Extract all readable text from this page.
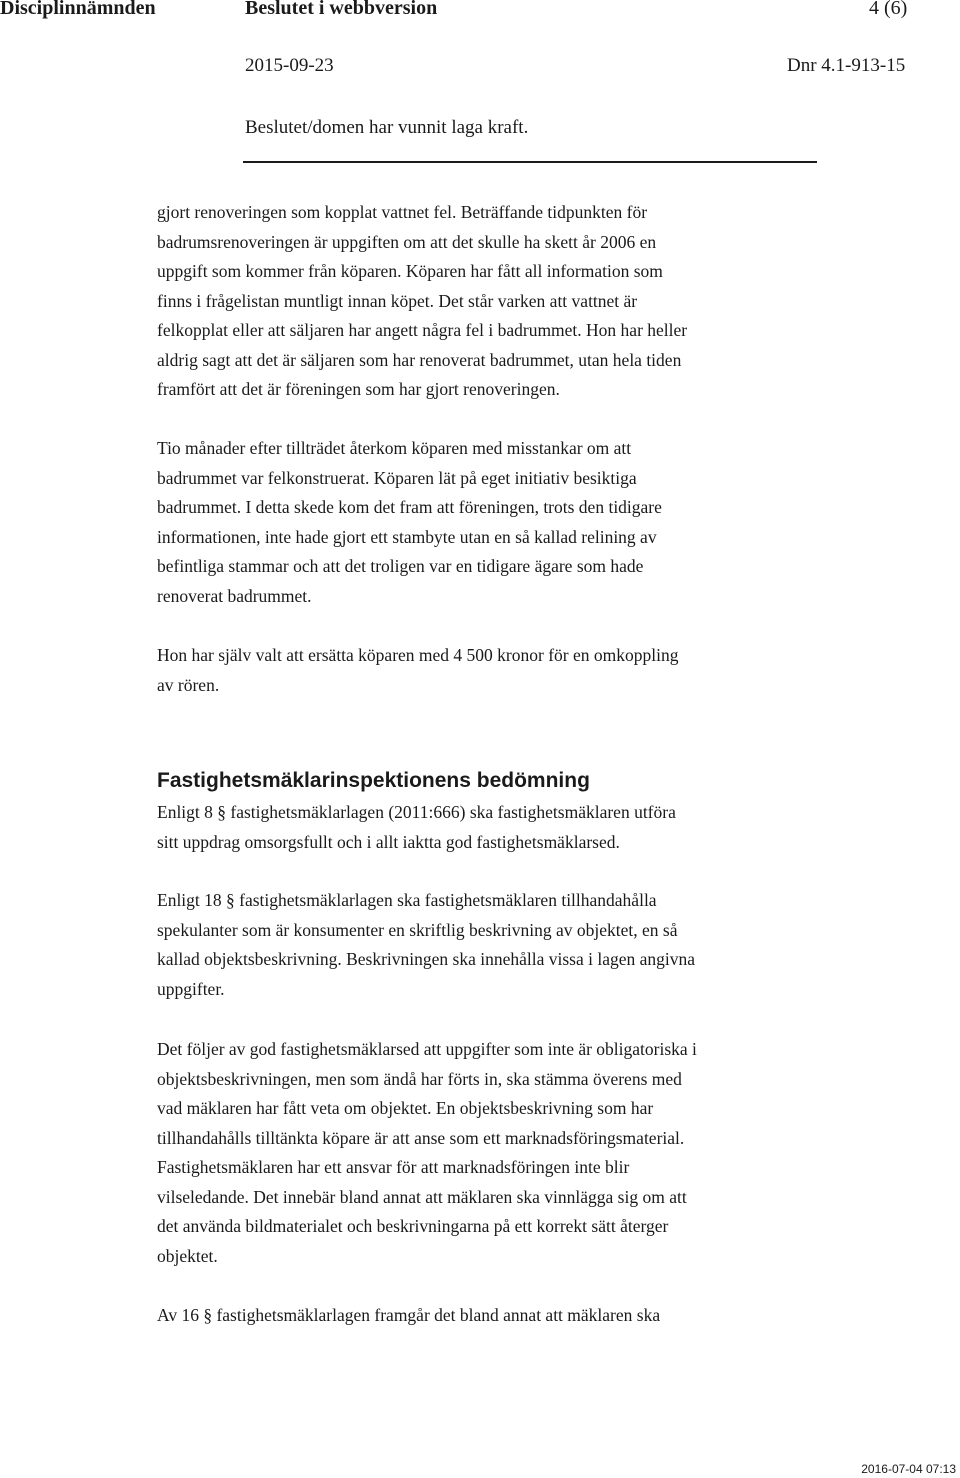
Disciplinnämnden	Beslutet i webbversion	4 (6)
2015-09-23	Dnr 4.1-913-15
Beslutet/domen har vunnit laga kraft.

gjort renoveringen som kopplat vattnet fel. Beträffande tidpunkten för
badrumsrenoveringen är uppgiften om att det skulle ha skett år 2006 en
uppgift som kommer från köparen. Köparen har fått all information som
finns i frågelistan muntligt innan köpet. Det står varken att vattnet är
felkopplat eller att säljaren har angett några fel i badrummet. Hon har heller
aldrig sagt att det är säljaren som har renoverat badrummet, utan hela tiden
framfört att det är föreningen som har gjort renoveringen.

Tio månader efter tillträdet återkom köparen med misstankar om att
badrummet var felkonstruerat. Köparen lät på eget initiativ besiktiga
badrummet. I detta skede kom det fram att föreningen, trots den tidigare
informationen, inte hade gjort ett stambyte utan en så kallad relining av
befintliga stammar och att det troligen var en tidigare ägare som hade
renoverat badrummet.

Hon har själv valt att ersätta köparen med 4 500 kronor för en omkoppling
av rören.

Fastighetsmäklarinspektionens bedömning

Enligt 8 § fastighetsmäklarlagen (2011:666) ska fastighetsmäklaren utföra
sitt uppdrag omsorgsfullt och i allt iaktta god fastighetsmäklarsed.

Enligt 18 § fastighetsmäklarlagen ska fastighetsmäklaren tillhandahålla
spekulanter som är konsumenter en skriftlig beskrivning av objektet, en så
kallad objektsbeskrivning. Beskrivningen ska innehålla vissa i lagen angivna
uppgifter.

Det följer av god fastighetsmäklarsed att uppgifter som inte är obligatoriska i
objektsbeskrivningen, men som ändå har förts in, ska stämma överens med
vad mäklaren har fått veta om objektet. En objektsbeskrivning som har
tillhandahålls tilltänkta köpare är att anse som ett marknadsföringsmaterial.
Fastighetsmäklaren har ett ansvar för att marknadsföringen inte blir
vilseledande. Det innebär bland annat att mäklaren ska vinnlägga sig om att
det använda bildmaterialet och beskrivningarna på ett korrekt sätt återger
objektet.

Av 16 § fastighetsmäklarlagen framgår det bland annat att mäklaren ska

2016-07-04 07:13
